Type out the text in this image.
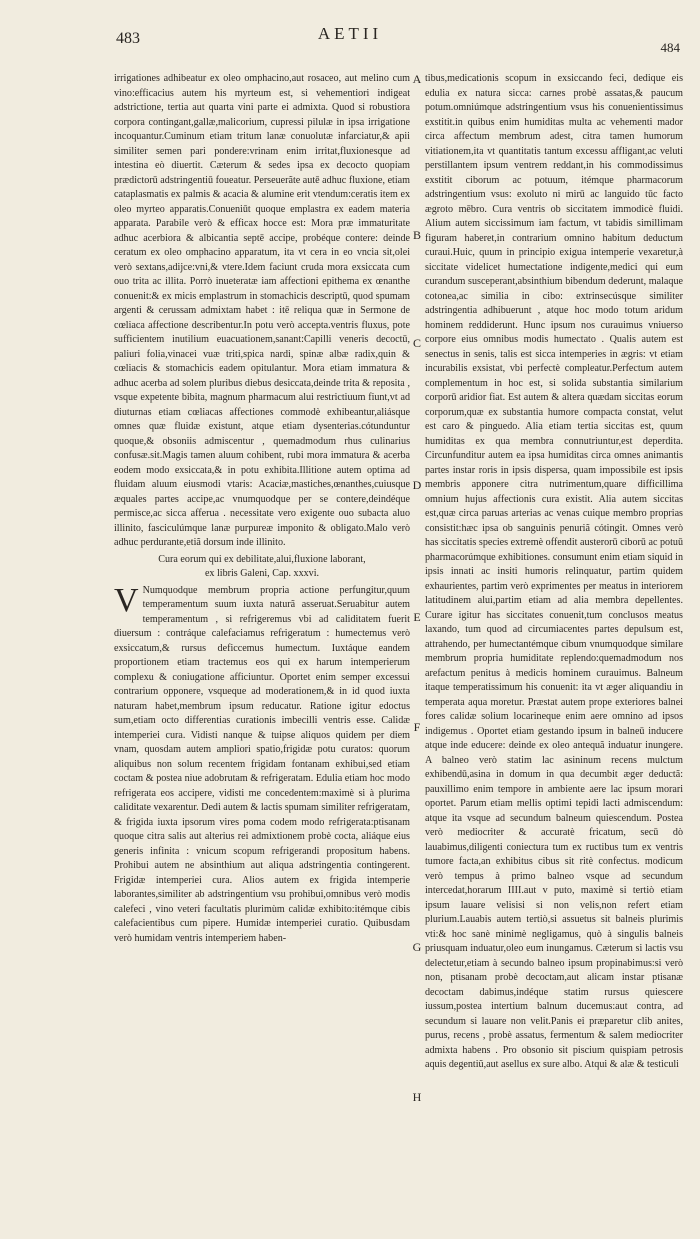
483	AETII
484

irrigationes adhibeatur ex oleo omphacino,aut rosaceo, aut melino cum vino:efficacius autem his myrteum est, si vehementiori indigeat adstrictione, tertia aut quarta vini parte ei admixta. Quod si robustiora corpora contingant,gallæ,malicorium, cupressi pilulæ in ipsa irrigatione incoquantur.Cuminum etiam tritum lanæ conuolutæ infarciatur,& apii similiter semen pari pondere:vrinam enim irritat,fluxionesque ad intestina eò diuertit. Cæterum & sedes ipsa ex decocto quopiam prædictorū adstringentiū foueatur. Perseuerãte autē adhuc fluxione, etiam cataplasmatis ex palmis & acacia & alumine erit vtendum:ceratis item ex oleo myrteo apparatis.Conueniūt quoque emplastra ex eadem materia apparata. Parabile verò & efficax hocce est: Mora præ immaturitate adhuc acerbiora & albicantia septē accipe, probéque contere: deinde ceratum ex oleo omphacino apparatum, ita vt cera in eo vncia sit,olei verò sextans,adijce:vni,& vtere.Idem faciunt cruda mora exsiccata cum ouo trita ac illita. Porrò inueteratæ iam affectioni epithema ex œnanthe conuenit:& ex micis emplastrum in stomachicis descriptū, quod spumam argenti & cerussam admixtam habet : itē reliqua quæ in Sermone de cœliaca affectione describentur.In potu verò accepta.ventris fluxus, pote sufficientem inutilium euacuationem,sanant:Capilli veneris decoctū, paliuri folia,vinacei vuæ triti,spica nardi, spinæ albæ radix,quin & cœliacis & stomachicis eadem opitulantur. Mora etiam immatura & adhuc acerba ad solem pluribus diebus desiccata,deinde trita & reposita , vsque expetente bibita, magnum pharmacum alui restrictiuum fiunt,vt ad diuturnas etiam cœliacas affectiones commodè exhibeantur,aliásque omnes quæ fluidæ existunt, atque etiam dysenterias.cótunduntur quoque,& obsoniis admiscentur , quemadmodum rhus culinarius confusæ.sit.Magis tamen aluum cohibent, rubi mora immatura & acerba eodem modo exsiccata,& in potu exhibita.Illitione autem optima ad fluidam aluum eiusmodi vtaris: Acaciæ,mastiches,œnanthes,cuiusque æquales partes accipe,ac vnumquodque per se contere,deindéque permisce,ac sicca afferua . necessitate vero exigente ouo subacta aluo illinito, fasciculúmque lanæ purpureæ imponito & obligato.Malo verò adhuc perdurante,etiã dorsum inde illinito.

Cura eorum qui ex debilitate,alui,fluxione laborant,

ex libris Galeni, Cap. xxxvi.

V Numquodque membrum propria actione perfungitur,quum temperamentum suum iuxta naturã asseruat.Seruabitur autem temperamentum , si refrigeremus vbi ad caliditatem fuerit diuersum : contráque calefaciamus refrigeratum : humectemus verò exsiccatum,& rursus deficcemus humectum. Iuxtáque eandem proportionem etiam tractemus eos qui ex harum intemperierum complexu & coniugatione afficiuntur. Oportet enim semper excessui contrarium opponere, vsqueque ad moderationem,& in id quod iuxta naturam habet,membrum ipsum reducatur. Ratione igitur edoctus sum,etiam octo differentias curationis imbecilli ventris esse. Calidæ intemperiei cura. Vidisti nanque & tuipse aliquos quidem per diem vnam, quosdam autem ampliori spatio,frigidæ potu curatos: quorum aliquibus non solum recentem frigidam fontanam exhibui,sed etiam coctam & postea niue adobrutam & refrigeratam. Edulia etiam hoc modo refrigerata eos accipere, vidisti me concedentem:maximè si à plurima caliditate vexarentur. Dedi autem & lactis spumam similiter refrigeratam, & frigida iuxta ipsorum vires poma codem modo refrigerata:ptisanam quoque citra salis aut alterius rei admixtionem probè cocta, aliáque eius generis infinita : vnicum scopum refrigerandi propositum habens. Prohibui autem ne absinthium aut aliqua adstringentia contingerent. Frigidæ intemperiei cura. Alios autem ex frigida intemperie laborantes,similiter ab adstringentium vsu prohibui,omnibus verò modis calefeci , vino veteri facultatis plurimùm calidæ exhibito:itémque cibis calefacientibus cum pipere. Humidæ intemperiei curatio. Quibusdam verò humidam ventris intemperiem haben-

A
B
C
D
E
F
G
H

tibus,medicationis scopum in exsiccando feci, dedique eis edulia ex natura sicca: carnes probè assatas,& paucum potum.omniúmque adstringentium vsus his conuenientissimus exstitit.in quibus enim humiditas multa ac vehementi mador circa affectum membrum adest, citra tamen humorum vitiationem,ita vt quantitatis tantum excessu affligant,ac veluti perstillantem ipsum ventrem reddant,in his commodissimus exstitit ciborum ac potuum, itémque pharmacorum adstringentium vsus: exoluto ni mirū ac languido tūc facto ægroto mēbro. Cura ventris ob siccitatem immodicè fluidi. Alium autem siccissimum iam factum, vt tabidis simillimam figuram haberet,in contrarium omnino habitum deductum curaui.Huic, quum in principio exigua intemperie vexaretur,à siccitate videlicet humectatione indigente,medici qui eum curandum susceperant,absinthium bibendum dederunt, malaque cotonea,ac similia in cibo: extrinsecúsque similiter adstringentia adhibuerunt , atque hoc modo totum aridum hominem reddiderunt. Hunc ipsum nos curauimus vniuerso corpore eius omnibus modis humectato . Qualis autem est senectus in senis, talis est sicca intemperies in ægris: vt etiam incurabilis exsistat, vbi perfectè compleatur.Perfectum autem complementum in hoc est, si solida substantia similarium corporū aridior fiat. Est autem & altera quædam siccitas eorum corporum,quæ ex substantia humore compacta constat, velut est caro & pinguedo. Alia etiam tertia siccitas est, quum humiditas ex qua membra connutriuntur,est deperdita. Circunfunditur autem ea ipsa humiditas circa omnes animantis partes instar roris in ipsis dispersa, quam impossibile est ipsis membris apponere citra nutrimentum,quare difficillima omnium hujus affectionis cura existit. Alia autem siccitas est,quæ circa paruas arterias ac venas cuique membro proprias consistit:hæc ipsa ob sanguinis penuriã cótingit. Omnes verò has siccitatis species extremè offendit austerorū ciborū ac potuū pharmacorúmque exhibitiones. consumunt enim etiam siquid in ipsis innati ac insiti humoris relinquatur, partim quidem exhaurientes, partim verò exprimentes per meatus in interiorem latitudinem alui,partim etiam ad alia membra depellentes. Curare igitur has siccitates conuenit,tum conclusos meatus laxando, tum quod ad circumiacentes partes depulsum est, attrahendo, per humectantémque cibum vnumquodque similare membrum propria humiditate replendo:quemadmodum nos arefactum penitus à medicis hominem curauimus. Balneum itaque temperatissimum his conuenit: ita vt æger aliquandiu in temperata aqua moretur. Præstat autem prope exteriores balnei fores calidæ solium locarineque enim aere omnino ad ipsos indigemus . Oportet etiam gestando ipsum in balneū inducere atque inde educere: deinde ex oleo antequã induatur inungere. A balneo verò statim lac asininum recens mulctum exhibendū,asina in domum in qua decumbit æger deductã: pauxillimo enim tempore in ambiente aere lac ipsum morari oportet. Parum etiam mellis optimi tepidi lacti admiscendum: atque ita vsque ad secundum balneum quiescendum. Postea verò mediocriter & accuratè fricatum, secū dò lauabimus,diligenti coniectura tum ex ructibus tum ex ventris tumore facta,an exhibitus cibus sit ritè confectus. modicum verò tempus à primo balneo vsque ad secundum intercedat,horarum IIII.aut v puto, maximè si tertiò etiam ipsum lauare velisisi si non velis,non refert etiam plurium.Lauabis autem tertiò,si assuetus sit balneis plurimis vti:& hoc sanè minimè negligamus, quò à singulis balneis priusquam induatur,oleo eum inungamus. Cæterum si lactis vsu delectetur,etiam à secundo balneo ipsum propinabimus:si verò non, ptisanam probè decoctam,aut alicam instar ptisanæ decoctam dabimus,indéque statim rursus quiescere iussum,postea intertium balnum ducemus:aut contra, ad secundum si lauare non velit.Panis ei præparetur clib anites, purus, recens , probè assatus, fermentum & salem mediocriter admixta habens . Pro obsonio sit piscium quispiam petrosis aquis degentiũ,aut asellus ex sure albo. Atqui & alæ & testiculi
